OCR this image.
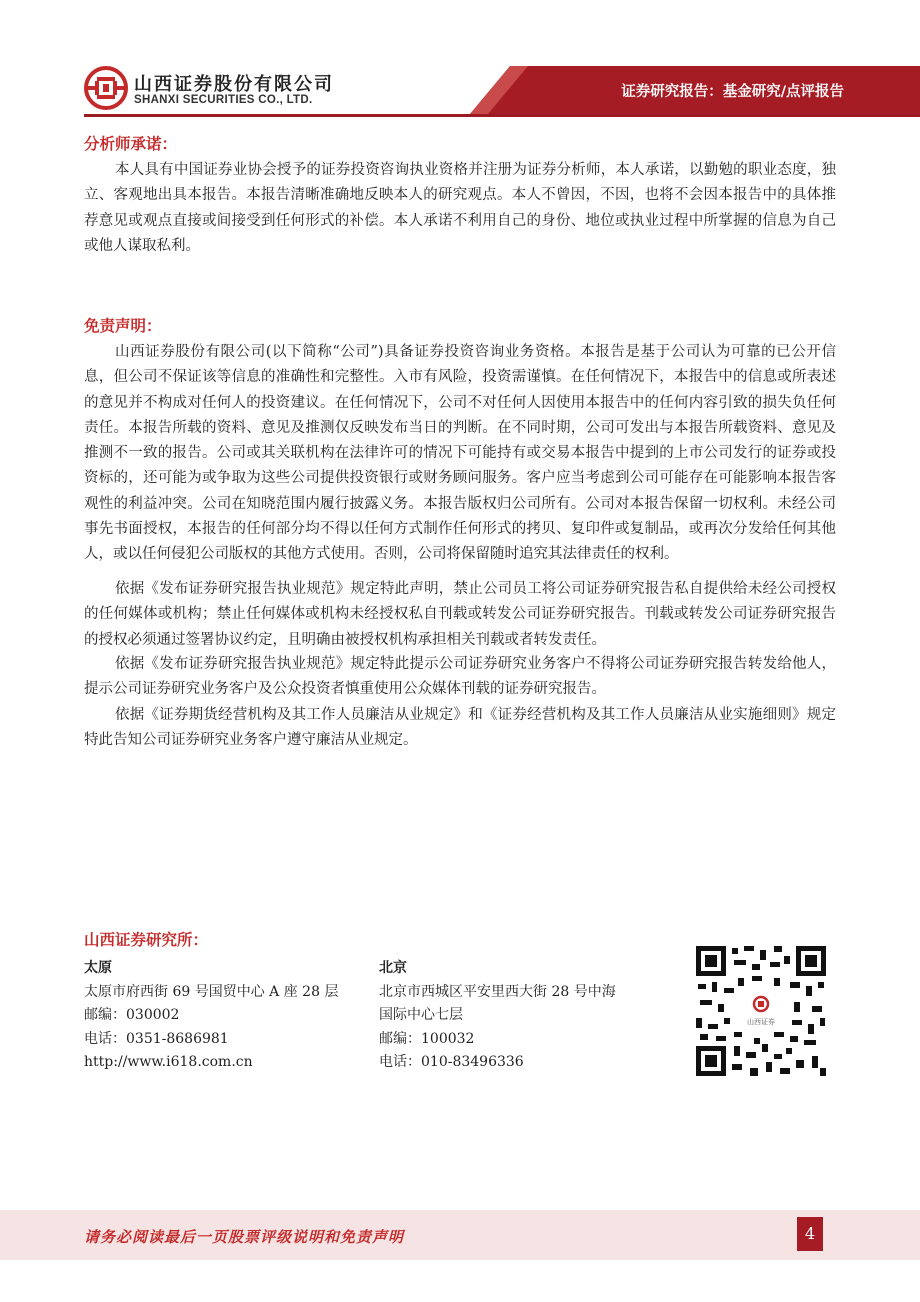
山西证券股份有限公司
SHANXI SECURITIES CO., LTD.	证券研究报告：基金研究/点评报告
分析师承诺：

本人具有中国证券业协会授予的证券投资咨询执业资格并注册为证券分析师，本人承诺，以勤勉的职业态度，独立、客观地出具本报告。本报告清晰准确地反映本人的研究观点。本人不曾因，不因，也将不会因本报告中的具体推荐意见或观点直接或间接受到任何形式的补偿。本人承诺不利用自己的身份、地位或执业过程中所掌握的信息为自己或他人谋取私利。

免责声明：

山西证券股份有限公司(以下简称“公司”)具备证券投资咨询业务资格。本报告是基于公司认为可靠的已公开信息，但公司不保证该等信息的准确性和完整性。入市有风险，投资需谨慎。在任何情况下，本报告中的信息或所表述的意见并不构成对任何人的投资建议。在任何情况下，公司不对任何人因使用本报告中的任何内容引致的损失负任何责任。本报告所载的资料、意见及推测仅反映发布当日的判断。在不同时期，公司可发出与本报告所载资料、意见及推测不一致的报告。公司或其关联机构在法律许可的情况下可能持有或交易本报告中提到的上市公司发行的证券或投资标的，还可能为或争取为这些公司提供投资银行或财务顾问服务。客户应当考虑到公司可能存在可能影响本报告客观性的利益冲突。公司在知晓范围内履行披露义务。本报告版权归公司所有。公司对本报告保留一切权利。未经公司事先书面授权，本报告的任何部分均不得以任何方式制作任何形式的拷贝、复印件或复制品，或再次分发给任何其他人，或以任何侵犯公司版权的其他方式使用。否则，公司将保留随时追究其法律责任的权利。

依据《发布证券研究报告执业规范》规定特此声明，禁止公司员工将公司证券研究报告私自提供给未经公司授权的任何媒体或机构；禁止任何媒体或机构未经授权私自刊载或转发公司证券研究报告。刊载或转发公司证券研究报告的授权必须通过签署协议约定，且明确由被授权机构承担相关刊载或者转发责任。

依据《发布证券研究报告执业规范》规定特此提示公司证券研究业务客户不得将公司证券研究报告转发给他人，提示公司证券研究业务客户及公众投资者慎重使用公众媒体刊载的证券研究报告。

依据《证券期货经营机构及其工作人员廉洁从业规定》和《证券经营机构及其工作人员廉洁从业实施细则》规定特此告知公司证券研究业务客户遵守廉洁从业规定。

山西证券研究所：
太原
太原市府西街 69 号国贸中心 A 座 28 层
邮编：030002
电话：0351-8686981
http://www.i618.com.cn
北京
北京市西城区平安里西大街 28 号中海
国际中心七层
邮编：100032
电话：010-83496336
山西证券
请务必阅读最后一页股票评级说明和免责声明	4
